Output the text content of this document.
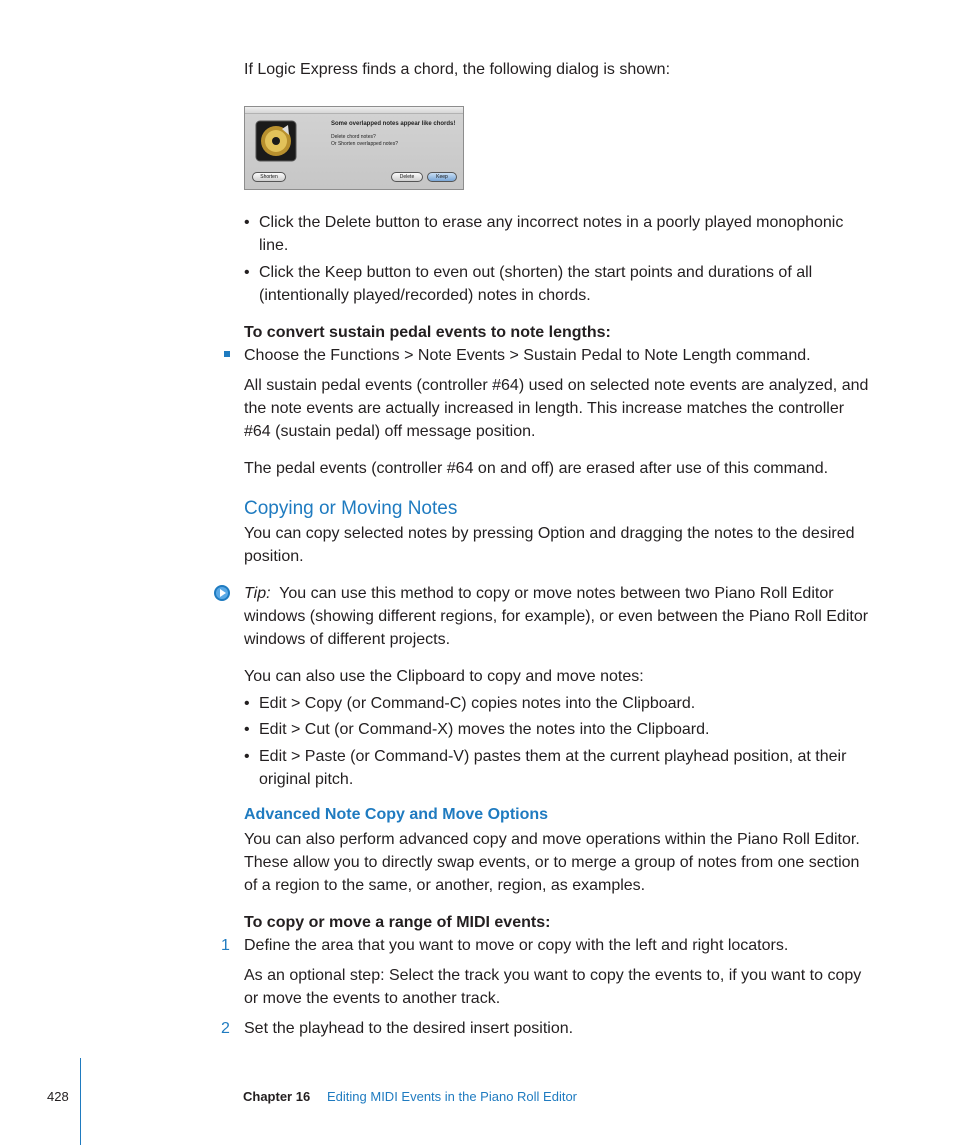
If Logic Express finds a chord, the following dialog is shown:

Some overlapped notes appear like chords!
Delete chord notes?
Or Shorten overlapped notes?
Shorten	Delete	Keep
• Click the Delete button to erase any incorrect notes in a poorly played monophonic line.
• Click the Keep button to even out (shorten) the start points and durations of all (intentionally played/recorded) notes in chords.

To convert sustain pedal events to note lengths:

Choose the Functions > Note Events > Sustain Pedal to Note Length command.

All sustain pedal events (controller #64) used on selected note events are analyzed, and the note events are actually increased in length. This increase matches the controller #64 (sustain pedal) off message position.

The pedal events (controller #64 on and off) are erased after use of this command.

Copying or Moving Notes

You can copy selected notes by pressing Option and dragging the notes to the desired position.

Tip: You can use this method to copy or move notes between two Piano Roll Editor windows (showing different regions, for example), or even between the Piano Roll Editor windows of different projects.

You can also use the Clipboard to copy and move notes:

• Edit > Copy (or Command-C) copies notes into the Clipboard.
• Edit > Cut (or Command-X) moves the notes into the Clipboard.
• Edit > Paste (or Command-V) pastes them at the current playhead position, at their original pitch.
Advanced Note Copy and Move Options

You can also perform advanced copy and move operations within the Piano Roll Editor. These allow you to directly swap events, or to merge a group of notes from one section of a region to the same, or another, region, as examples.

To copy or move a range of MIDI events:

1 Define the area that you want to move or copy with the left and right locators.

As an optional step: Select the track you want to copy the events to, if you want to copy or move the events to another track.

2 Set the playhead to the desired insert position.

428	Chapter 16 Editing MIDI Events in the Piano Roll Editor
